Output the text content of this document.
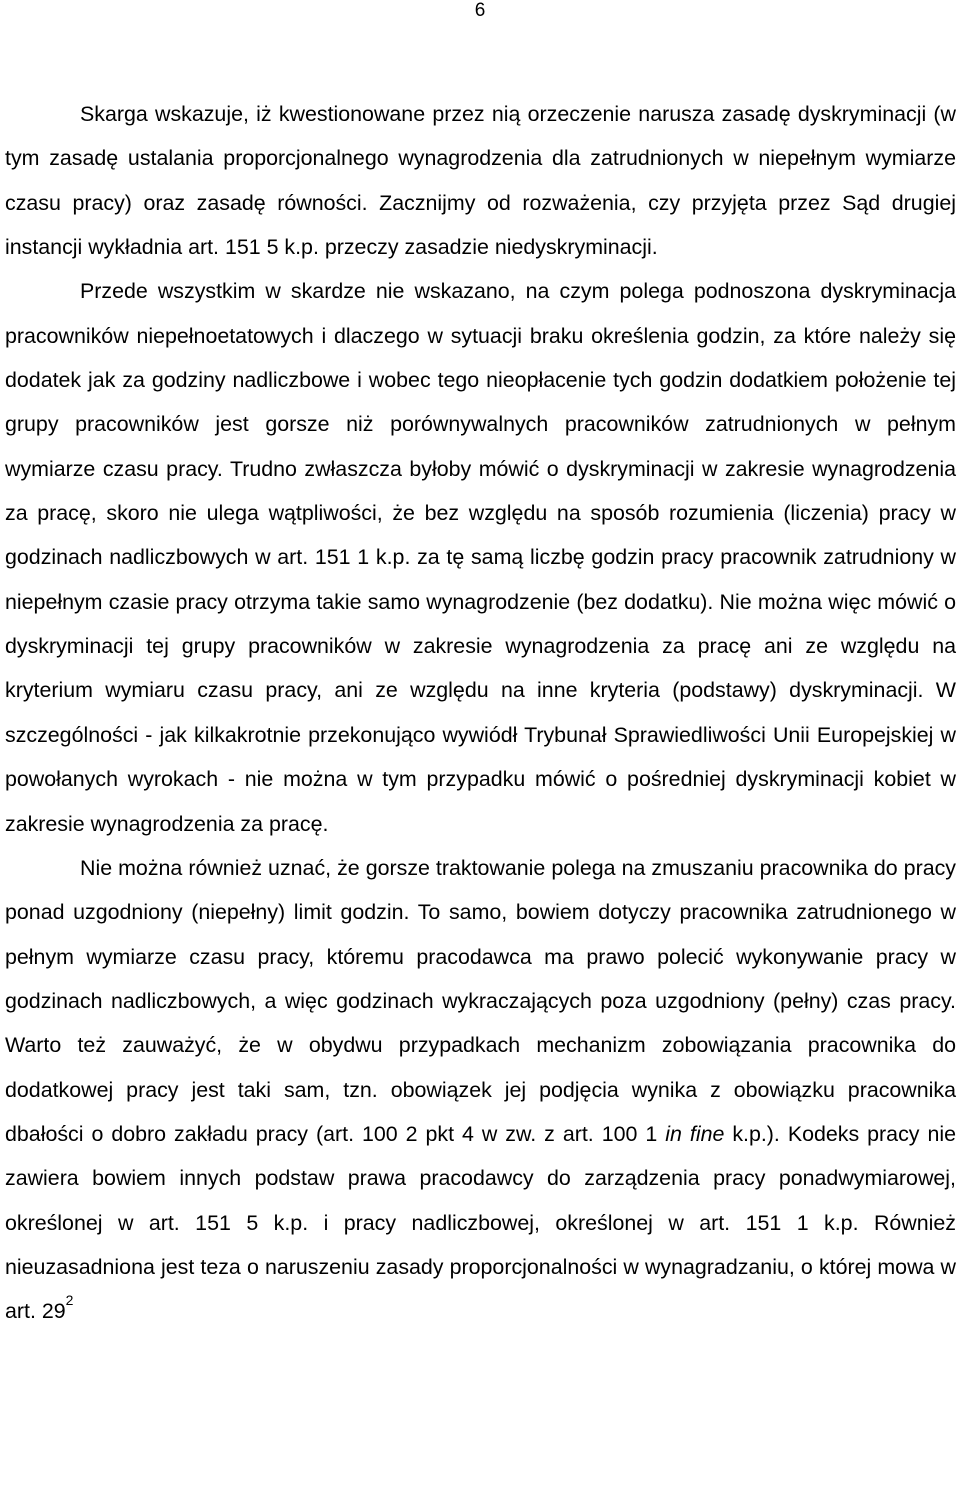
6

Skarga wskazuje, iż kwestionowane przez nią orzeczenie narusza zasadę dyskryminacji (w tym zasadę ustalania proporcjonalnego wynagrodzenia dla zatrudnionych w niepełnym wymiarze czasu pracy) oraz zasadę równości. Zacznijmy od rozważenia, czy przyjęta przez Sąd drugiej instancji wykładnia art. 151 5 k.p. przeczy zasadzie niedyskryminacji.

Przede wszystkim w skardze nie wskazano, na czym polega podnoszona dyskryminacja pracowników niepełnoetatowych i dlaczego w sytuacji braku określenia godzin, za które należy się dodatek jak za godziny nadliczbowe i wobec tego nieopłacenie tych godzin dodatkiem położenie tej grupy pracowników jest gorsze niż porównywalnych pracowników zatrudnionych w pełnym wymiarze czasu pracy. Trudno zwłaszcza byłoby mówić o dyskryminacji w zakresie wynagrodzenia za pracę, skoro nie ulega wątpliwości, że bez względu na sposób rozumienia (liczenia) pracy w godzinach nadliczbowych w art. 151 1 k.p. za tę samą liczbę godzin pracy pracownik zatrudniony w niepełnym czasie pracy otrzyma takie samo wynagrodzenie (bez dodatku). Nie można więc mówić o dyskryminacji tej grupy pracowników w zakresie wynagrodzenia za pracę ani ze względu na kryterium wymiaru czasu pracy, ani ze względu na inne kryteria (podstawy) dyskryminacji. W szczególności - jak kilkakrotnie przekonująco wywiódł Trybunał Sprawiedliwości Unii Europejskiej w powołanych wyrokach - nie można w tym przypadku mówić o pośredniej dyskryminacji kobiet w zakresie wynagrodzenia za pracę.

Nie można również uznać, że gorsze traktowanie polega na zmuszaniu pracownika do pracy ponad uzgodniony (niepełny) limit godzin. To samo, bowiem dotyczy pracownika zatrudnionego w pełnym wymiarze czasu pracy, któremu pracodawca ma prawo polecić wykonywanie pracy w godzinach nadliczbowych, a więc godzinach wykraczających poza uzgodniony (pełny) czas pracy. Warto też zauważyć, że w obydwu przypadkach mechanizm zobowiązania pracownika do dodatkowej pracy jest taki sam, tzn. obowiązek jej podjęcia wynika z obowiązku pracownika dbałości o dobro zakładu pracy (art. 100 2 pkt 4 w zw. z art. 100 1 in fine k.p.). Kodeks pracy nie zawiera bowiem innych podstaw prawa pracodawcy do zarządzenia pracy ponadwymiarowej, określonej w art. 151 5 k.p. i pracy nadliczbowej, określonej w art. 151 1 k.p. Również nieuzasadniona jest teza o naruszeniu zasady proporcjonalności w wynagradzaniu, o której mowa w art. $29^2$
